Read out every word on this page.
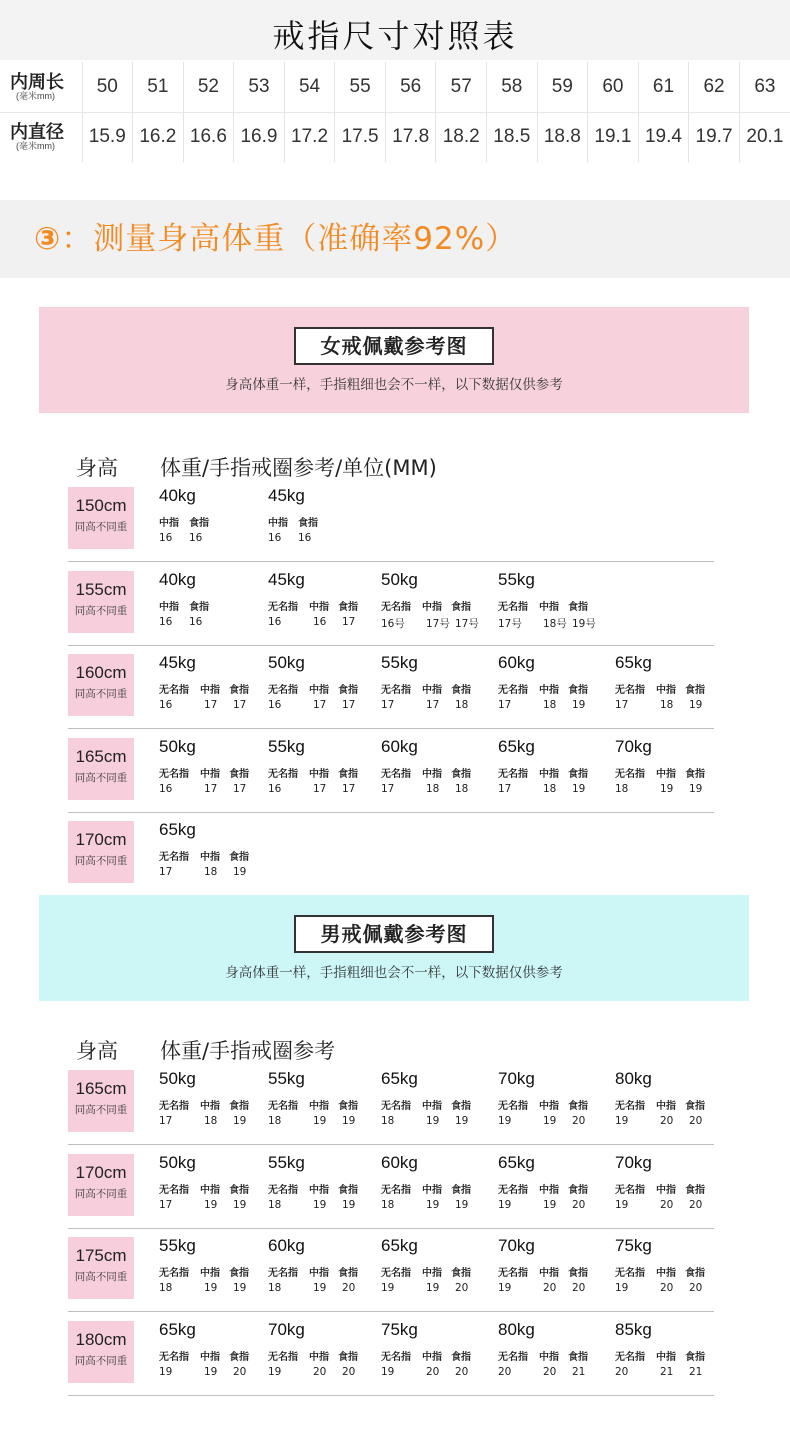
戒指尺寸对照表
内周长
(毫米mm)	50	51	52	53	54	55	56	57	58	59	60	61	62	63

内直径
(毫米mm)	15.9	16.2	16.6	16.9	17.2	17.5	17.8	18.2	18.5	18.8	19.1	19.4	19.7	20.1
③：测量身高体重（准确率92%）
女戒佩戴参考图
身高体重一样，手指粗细也会不一样，以下数据仅供参考
身高 体重/手指戒圈参考/单位(MM)
150cm
同高不同重
40kg
中指 食指
16 16
45kg
中指 食指
16 16
155cm
同高不同重
40kg
中指 食指
16 16
45kg
无名指 中指 食指
16	16 17
50kg
无名指 中指 食指
16号 17号 17号
55kg
无名指 中指 食指
17号 18号 19号
160cm
同高不同重
45kg
无名指 中指 食指
16	17 17
50kg
无名指 中指 食指
16	17 17
55kg
无名指 中指 食指
17	17 18
60kg
无名指 中指 食指
17	18 19
65kg
无名指 中指 食指
17	18 19
165cm
同高不同重
50kg
无名指 中指 食指
16	17 17
55kg
无名指 中指 食指
16	17 17
60kg
无名指 中指 食指
17	18 18
65kg
无名指 中指 食指
17	18 19
70kg
无名指 中指 食指
18	19 19
170cm
同高不同重
65kg
无名指 中指 食指
17	18 19
男戒佩戴参考图
身高体重一样，手指粗细也会不一样，以下数据仅供参考
身高 体重/手指戒圈参考
165cm
同高不同重
50kg
无名指 中指 食指
17	18 19
55kg
无名指 中指 食指
18	19 19
65kg
无名指 中指 食指
18	19 19
70kg
无名指 中指 食指
19	19 20
80kg
无名指 中指 食指
19	20 20
170cm
同高不同重
50kg
无名指 中指 食指
17	19 19
55kg
无名指 中指 食指
18	19 19
60kg
无名指 中指 食指
18	19 19
65kg
无名指 中指 食指
19	19 20
70kg
无名指 中指 食指
19	20 20
175cm
同高不同重
55kg
无名指 中指 食指
18	19 19
60kg
无名指 中指 食指
18	19 20
65kg
无名指 中指 食指
19	19 20
70kg
无名指 中指 食指
19	20 20
75kg
无名指 中指 食指
19	20 20
180cm
同高不同重
65kg
无名指 中指 食指
19	19 20
70kg
无名指 中指 食指
19	20 20
75kg
无名指 中指 食指
19	20 20
80kg
无名指 中指 食指
20	20 21
85kg
无名指 中指 食指
20	21 21
